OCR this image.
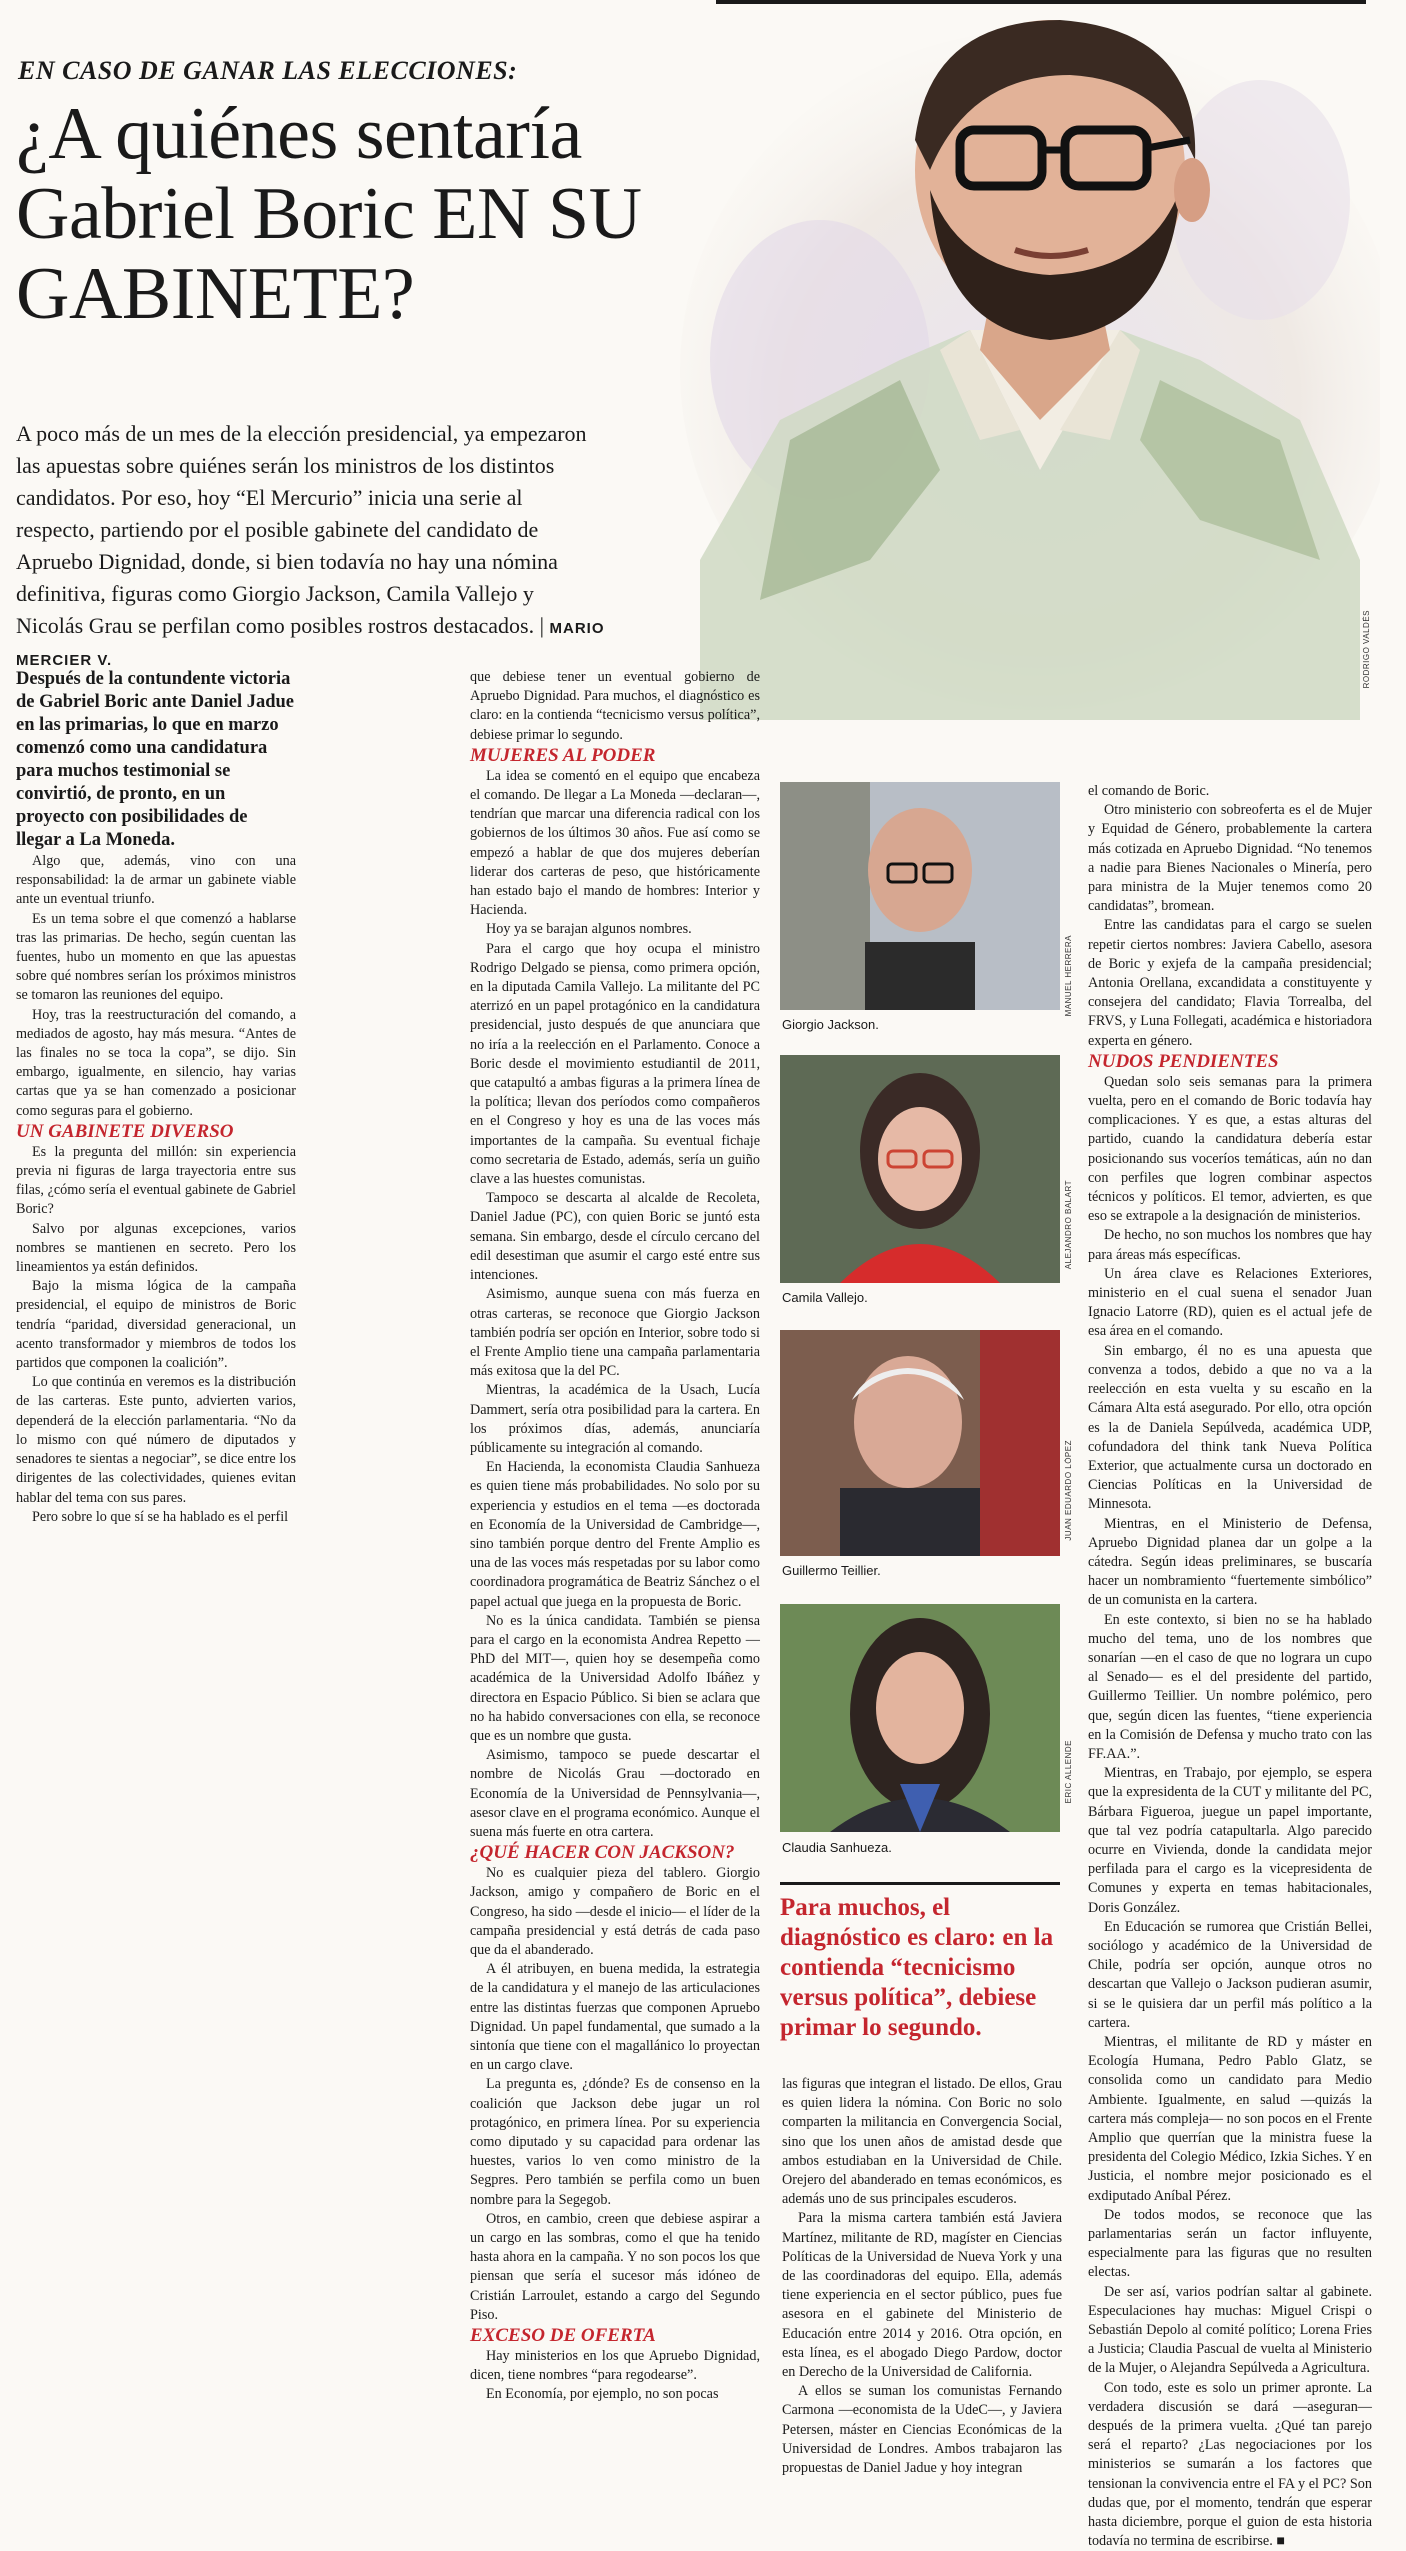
RODRIGO VALDÉS
EN CASO DE GANAR LAS ELECCIONES:
¿A quiénes sentaría Gabriel Boric EN SU GABINETE?
A poco más de un mes de la elección presidencial, ya empezaron las apuestas sobre quiénes serán los ministros de los distintos candidatos. Por eso, hoy “El Mercurio” inicia una serie al respecto, partiendo por el posible gabinete del candidato de Apruebo Dignidad, donde, si bien todavía no hay una nómina definitiva, figuras como Giorgio Jackson, Camila Vallejo y Nicolás Grau se perfilan como posibles rostros destacados. | MARIO MERCIER V.

Después de la contundente victoria de Gabriel Boric ante Daniel Jadue en las primarias, lo que en marzo comenzó como una candidatura para muchos testimonial se convirtió, de pronto, en un proyecto con posibilidades de llegar a La Moneda.

Algo que, además, vino con una responsabilidad: la de armar un gabinete viable ante un eventual triunfo.

Es un tema sobre el que comenzó a hablarse tras las primarias. De hecho, según cuentan las fuentes, hubo un momento en que las apuestas sobre qué nombres serían los próximos ministros se tomaron las reuniones del equipo.

Hoy, tras la reestructuración del comando, a mediados de agosto, hay más mesura. “Antes de las finales no se toca la copa”, se dijo. Sin embargo, igualmente, en silencio, hay varias cartas que ya se han comenzado a posicionar como seguras para el gobierno.

UN GABINETE DIVERSO

Es la pregunta del millón: sin experiencia previa ni figuras de larga trayectoria entre sus filas, ¿cómo sería el eventual gabinete de Gabriel Boric?

Salvo por algunas excepciones, varios nombres se mantienen en secreto. Pero los lineamientos ya están definidos.

Bajo la misma lógica de la campaña presidencial, el equipo de ministros de Boric tendría “paridad, diversidad generacional, un acento transformador y miembros de todos los partidos que componen la coalición”.

Lo que continúa en veremos es la distribución de las carteras. Este punto, advierten varios, dependerá de la elección parlamentaria. “No da lo mismo con qué número de diputados y senadores te sientas a negociar”, se dice entre los dirigentes de las colectividades, quienes evitan hablar del tema con sus pares.

Pero sobre lo que sí se ha hablado es el perfil

que debiese tener un eventual gobierno de Apruebo Dignidad. Para muchos, el diagnóstico es claro: en la contienda “tecnicismo versus política”, debiese primar lo segundo.

MUJERES AL PODER

La idea se comentó en el equipo que encabeza el comando. De llegar a La Moneda —declaran—, tendrían que marcar una diferencia radical con los gobiernos de los últimos 30 años. Fue así como se empezó a hablar de que dos mujeres deberían liderar dos carteras de peso, que históricamente han estado bajo el mando de hombres: Interior y Hacienda.

Hoy ya se barajan algunos nombres.

Para el cargo que hoy ocupa el ministro Rodrigo Delgado se piensa, como primera opción, en la diputada Camila Vallejo. La militante del PC aterrizó en un papel protagónico en la candidatura presidencial, justo después de que anunciara que no iría a la reelección en el Parlamento. Conoce a Boric desde el movimiento estudiantil de 2011, que catapultó a ambas figuras a la primera línea de la política; llevan dos períodos como compañeros en el Congreso y hoy es una de las voces más importantes de la campaña. Su eventual fichaje como secretaria de Estado, además, sería un guiño clave a las huestes comunistas.

Tampoco se descarta al alcalde de Recoleta, Daniel Jadue (PC), con quien Boric se juntó esta semana. Sin embargo, desde el círculo cercano del edil desestiman que asumir el cargo esté entre sus intenciones.

Asimismo, aunque suena con más fuerza en otras carteras, se reconoce que Giorgio Jackson también podría ser opción en Interior, sobre todo si el Frente Amplio tiene una campaña parlamentaria más exitosa que la del PC.

Mientras, la académica de la Usach, Lucía Dammert, sería otra posibilidad para la cartera. En los próximos días, además, anunciaría públicamente su integración al comando.

En Hacienda, la economista Claudia Sanhueza es quien tiene más probabilidades. No solo por su experiencia y estudios en el tema —es doctorada en Economía de la Universidad de Cambridge—, sino también porque dentro del Frente Amplio es una de las voces más respetadas por su labor como coordinadora programática de Beatriz Sánchez o el papel actual que juega en la propuesta de Boric.

No es la única candidata. También se piensa para el cargo en la economista Andrea Repetto —PhD del MIT—, quien hoy se desempeña como académica de la Universidad Adolfo Ibáñez y directora en Espacio Público. Si bien se aclara que no ha habido conversaciones con ella, se reconoce que es un nombre que gusta.

Asimismo, tampoco se puede descartar el nombre de Nicolás Grau —doctorado en Economía de la Universidad de Pennsylvania—, asesor clave en el programa económico. Aunque el suena más fuerte en otra cartera.

¿QUÉ HACER CON JACKSON?

No es cualquier pieza del tablero. Giorgio Jackson, amigo y compañero de Boric en el Congreso, ha sido —desde el inicio— el líder de la campaña presidencial y está detrás de cada paso que da el abanderado.

A él atribuyen, en buena medida, la estrategia de la candidatura y el manejo de las articulaciones entre las distintas fuerzas que componen Apruebo Dignidad. Un papel fundamental, que sumado a la sintonía que tiene con el magallánico lo proyectan en un cargo clave.

La pregunta es, ¿dónde? Es de consenso en la coalición que Jackson debe jugar un rol protagónico, en primera línea. Por su experiencia como diputado y su capacidad para ordenar las huestes, varios lo ven como ministro de la Segpres. Pero también se perfila como un buen nombre para la Segegob.

Otros, en cambio, creen que debiese aspirar a un cargo en las sombras, como el que ha tenido hasta ahora en la campaña. Y no son pocos los que piensan que sería el sucesor más idóneo de Cristián Larroulet, estando a cargo del Segundo Piso.

EXCESO DE OFERTA

Hay ministerios en los que Apruebo Dignidad, dicen, tiene nombres “para regodearse”.

En Economía, por ejemplo, no son pocas

Giorgio Jackson.
MANUEL HERRERA
Camila Vallejo.
ALEJANDRO BALART
Guillermo Teillier.
JUAN EDUARDO LÓPEZ
Claudia Sanhueza.
ERIC ALLENDE
Para muchos, el diagnóstico es claro: en la contienda “tecnicismo versus política”, debiese primar lo segundo.

las figuras que integran el listado. De ellos, Grau es quien lidera la nómina. Con Boric no solo comparten la militancia en Convergencia Social, sino que los unen años de amistad desde que ambos estudiaban en la Universidad de Chile. Orejero del abanderado en temas económicos, es además uno de sus principales escuderos.

Para la misma cartera también está Javiera Martínez, militante de RD, magíster en Ciencias Políticas de la Universidad de Nueva York y una de las coordinadoras del equipo. Ella, además tiene experiencia en el sector público, pues fue asesora en el gabinete del Ministerio de Educación entre 2014 y 2016. Otra opción, en esta línea, es el abogado Diego Pardow, doctor en Derecho de la Universidad de California.

A ellos se suman los comunistas Fernando Carmona —economista de la UdeC—, y Javiera Petersen, máster en Ciencias Económicas de la Universidad de Londres. Ambos trabajaron las propuestas de Daniel Jadue y hoy integran

el comando de Boric.

Otro ministerio con sobreoferta es el de Mujer y Equidad de Género, probablemente la cartera más cotizada en Apruebo Dignidad. “No tenemos a nadie para Bienes Nacionales o Minería, pero para ministra de la Mujer tenemos como 20 candidatas”, bromean.

Entre las candidatas para el cargo se suelen repetir ciertos nombres: Javiera Cabello, asesora de Boric y exjefa de la campaña presidencial; Antonia Orellana, excandidata a constituyente y consejera del candidato; Flavia Torrealba, del FRVS, y Luna Follegati, académica e historiadora experta en género.

NUDOS PENDIENTES

Quedan solo seis semanas para la primera vuelta, pero en el comando de Boric todavía hay complicaciones. Y es que, a estas alturas del partido, cuando la candidatura debería estar posicionando sus voceríos temáticas, aún no dan con perfiles que logren combinar aspectos técnicos y políticos. El temor, advierten, es que eso se extrapole a la designación de ministerios.

De hecho, no son muchos los nombres que hay para áreas más específicas.

Un área clave es Relaciones Exteriores, ministerio en el cual suena el senador Juan Ignacio Latorre (RD), quien es el actual jefe de esa área en el comando.

Sin embargo, él no es una apuesta que convenza a todos, debido a que no va a la reelección en esta vuelta y su escaño en la Cámara Alta está asegurado. Por ello, otra opción es la de Daniela Sepúlveda, académica UDP, cofundadora del think tank Nueva Política Exterior, que actualmente cursa un doctorado en Ciencias Políticas en la Universidad de Minnesota.

Mientras, en el Ministerio de Defensa, Apruebo Dignidad planea dar un golpe a la cátedra. Según ideas preliminares, se buscaría hacer un nombramiento “fuertemente simbólico” de un comunista en la cartera.

En este contexto, si bien no se ha hablado mucho del tema, uno de los nombres que sonarían —en el caso de que no lograra un cupo al Senado— es el del presidente del partido, Guillermo Teillier. Un nombre polémico, pero que, según dicen las fuentes, “tiene experiencia en la Comisión de Defensa y mucho trato con las FF.AA.”.

Mientras, en Trabajo, por ejemplo, se espera que la expresidenta de la CUT y militante del PC, Bárbara Figueroa, juegue un papel importante, que tal vez podría catapultarla. Algo parecido ocurre en Vivienda, donde la candidata mejor perfilada para el cargo es la vicepresidenta de Comunes y experta en temas habitacionales, Doris González.

En Educación se rumorea que Cristián Bellei, sociólogo y académico de la Universidad de Chile, podría ser opción, aunque otros no descartan que Vallejo o Jackson pudieran asumir, si se le quisiera dar un perfil más político a la cartera.

Mientras, el militante de RD y máster en Ecología Humana, Pedro Pablo Glatz, se consolida como un candidato para Medio Ambiente. Igualmente, en salud —quizás la cartera más compleja— no son pocos en el Frente Amplio que querrían que la ministra fuese la presidenta del Colegio Médico, Izkia Siches. Y en Justicia, el nombre mejor posicionado es el exdiputado Aníbal Pérez.

De todos modos, se reconoce que las parlamentarias serán un factor influyente, especialmente para las figuras que no resulten electas.

De ser así, varios podrían saltar al gabinete. Especulaciones hay muchas: Miguel Crispi o Sebastián Depolo al comité político; Lorena Fries a Justicia; Claudia Pascual de vuelta al Ministerio de la Mujer, o Alejandra Sepúlveda a Agricultura.

Con todo, este es solo un primer apronte. La verdadera discusión se dará —aseguran— después de la primera vuelta. ¿Qué tan parejo será el reparto? ¿Las negociaciones por los ministerios se sumarán a los factores que tensionan la convivencia entre el FA y el PC? Son dudas que, por el momento, tendrán que esperar hasta diciembre, porque el guion de esta historia todavía no termina de escribirse. ■
